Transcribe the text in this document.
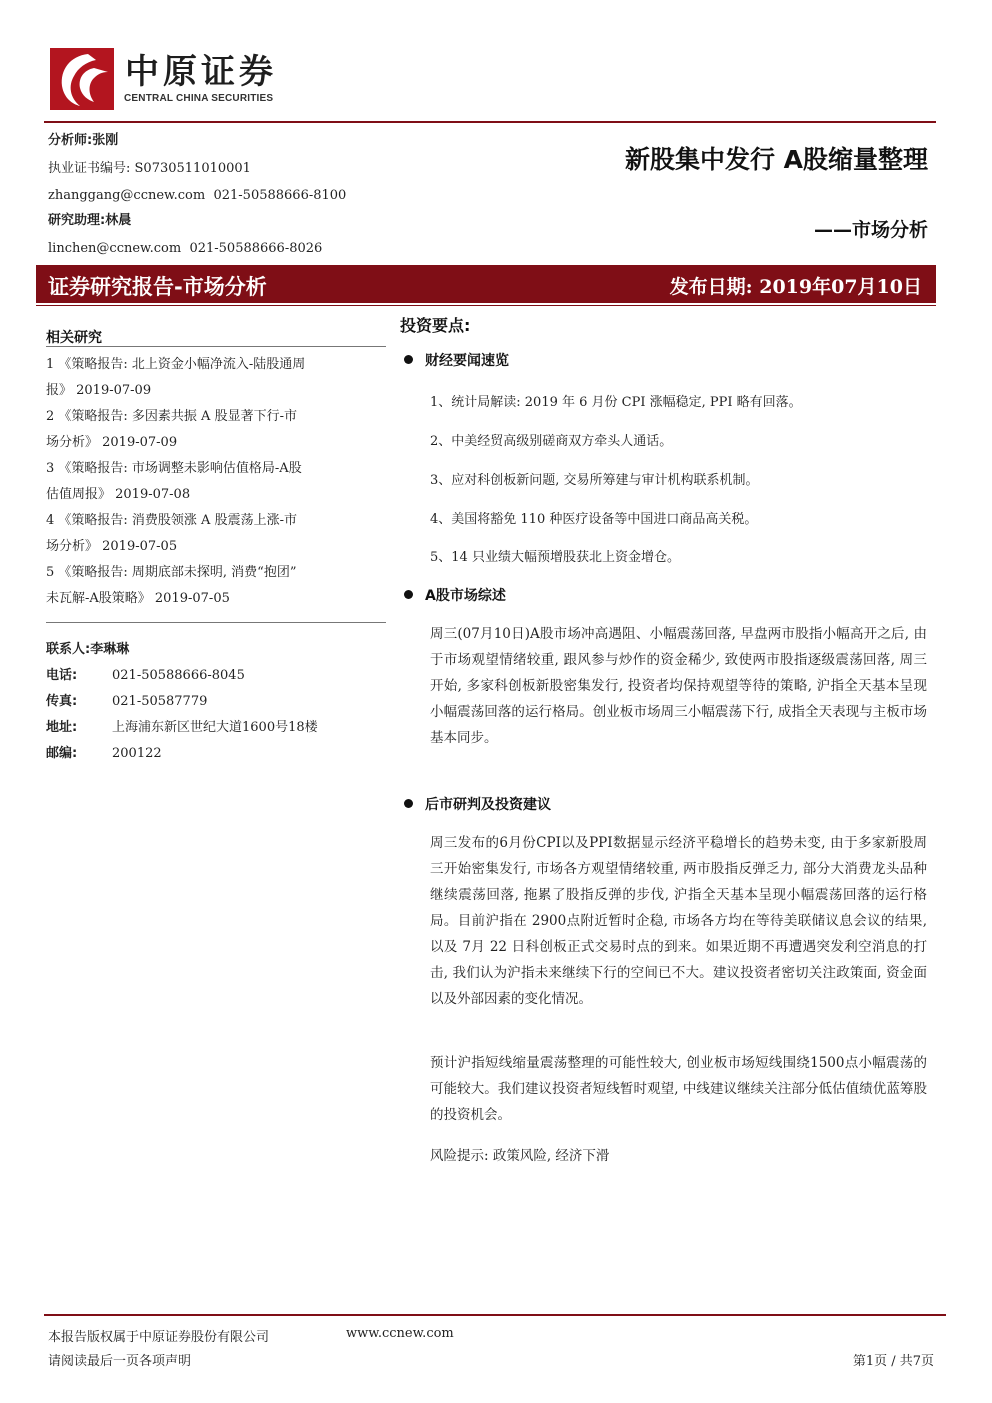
中原证券
CENTRAL CHINA SECURITIES
分析师:张刚
执业证书编号: S0730511010001
zhanggang@ccnew.com  021-50588666-8100
研究助理:林晨
linchen@ccnew.com  021-50588666-8026
新股集中发行 A股缩量整理
——市场分析
证券研究报告-市场分析	发布日期: 2019年07月10日
相关研究
1 《策略报告: 北上资金小幅净流入-陆股通周
报》 2019-07-09
2 《策略报告: 多因素共振 A 股显著下行-市
场分析》 2019-07-09
3 《策略报告: 市场调整未影响估值格局-A股
估值周报》 2019-07-08
4 《策略报告: 消费股领涨 A 股震荡上涨-市
场分析》 2019-07-05
5 《策略报告: 周期底部未探明, 消费“抱团”
未瓦解-A股策略》 2019-07-05
联系人:李琳琳
电话:	021-50588666-8045
传真:	021-50587779
地址:	上海浦东新区世纪大道1600号18楼
邮编:	200122
投资要点:
财经要闻速览
1、统计局解读: 2019 年 6 月份 CPI 涨幅稳定, PPI 略有回落。
2、中美经贸高级别磋商双方牵头人通话。
3、应对科创板新问题, 交易所筹建与审计机构联系机制。
4、美国将豁免 110 种医疗设备等中国进口商品高关税。
5、14 只业绩大幅预增股获北上资金增仓。
A股市场综述
周三(07月10日)A股市场冲高遇阻、小幅震荡回落, 早盘两市股指小幅高开之后, 由于市场观望情绪较重, 跟风参与炒作的资金稀少, 致使两市股指逐级震荡回落, 周三开始, 多家科创板新股密集发行, 投资者均保持观望等待的策略, 沪指全天基本呈现小幅震荡回落的运行格局。创业板市场周三小幅震荡下行, 成指全天表现与主板市场基本同步。
后市研判及投资建议
周三发布的6月份CPI以及PPI数据显示经济平稳增长的趋势未变, 由于多家新股周三开始密集发行, 市场各方观望情绪较重, 两市股指反弹乏力, 部分大消费龙头品种继续震荡回落, 拖累了股指反弹的步伐, 沪指全天基本呈现小幅震荡回落的运行格局。目前沪指在 2900点附近暂时企稳, 市场各方均在等待美联储议息会议的结果, 以及 7月 22 日科创板正式交易时点的到来。如果近期不再遭遇突发利空消息的打击, 我们认为沪指未来继续下行的空间已不大。建议投资者密切关注政策面, 资金面以及外部因素的变化情况。
预计沪指短线缩量震荡整理的可能性较大, 创业板市场短线围绕1500点小幅震荡的可能较大。我们建议投资者短线暂时观望, 中线建议继续关注部分低估值绩优蓝筹股的投资机会。
风险提示: 政策风险, 经济下滑
本报告版权属于中原证券股份有限公司	www.ccnew.com
请阅读最后一页各项声明	第1页 / 共7页
